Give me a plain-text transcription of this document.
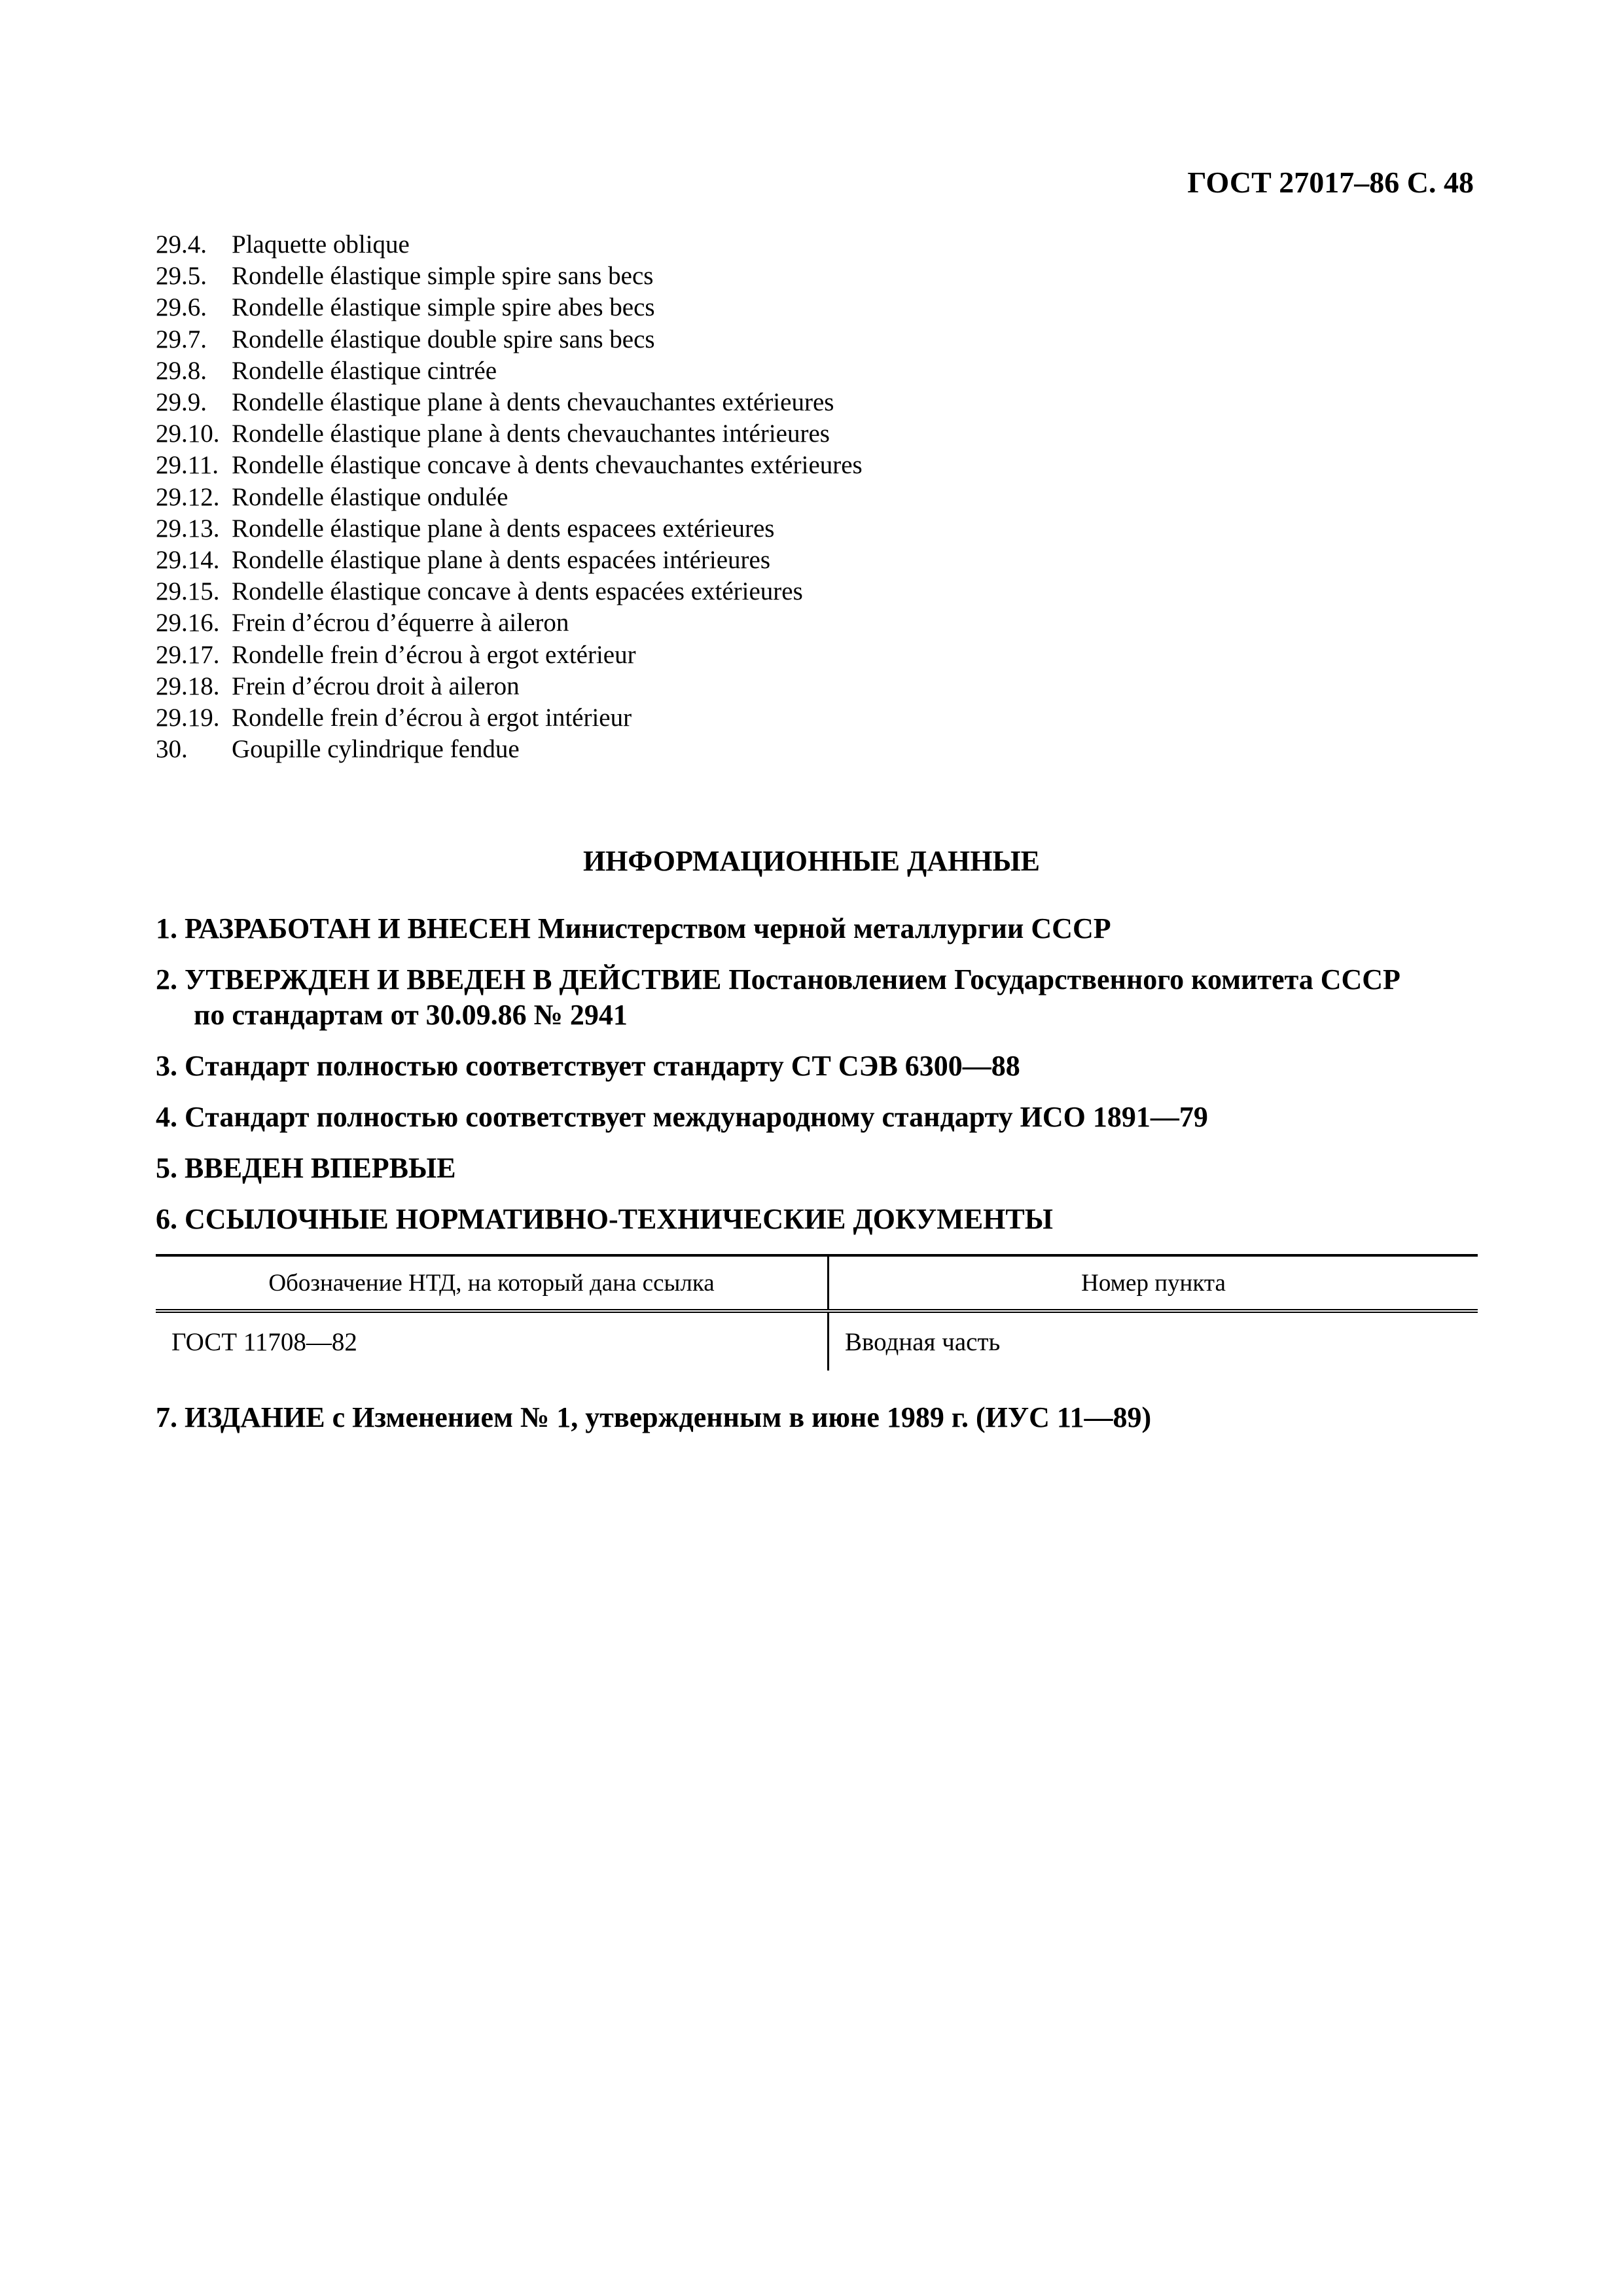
ГОСТ 27017–86 С. 48
29.4. Plaquette oblique
29.5. Rondelle élastique simple spire sans becs
29.6. Rondelle élastique simple spire abes becs
29.7. Rondelle élastique double spire sans becs
29.8. Rondelle élastique cintrée
29.9. Rondelle élastique plane à dents chevauchantes extérieures
29.10. Rondelle élastique plane à dents chevauchantes intérieures
29.11. Rondelle élastique concave à dents chevauchantes extérieures
29.12. Rondelle élastique ondulée
29.13. Rondelle élastique plane à dents espacees extérieures
29.14. Rondelle élastique plane à dents espacées intérieures
29.15. Rondelle élastique concave à dents espacées extérieures
29.16. Frein d’écrou d’équerre à aileron
29.17. Rondelle frein d’écrou à ergot extérieur
29.18. Frein d’écrou droit à aileron
29.19. Rondelle frein d’écrou à ergot intérieur
30.	Goupille cylindrique fendue
ИНФОРМАЦИОННЫЕ ДАННЫЕ
1. РАЗРАБОТАН И ВНЕСЕН Министерством черной металлургии СССР
2. УТВЕРЖДЕН И ВВЕДЕН В ДЕЙСТВИЕ Постановлением Государственного комитета СССР
по стандартам от 30.09.86 № 2941
3. Стандарт полностью соответствует стандарту СТ СЭВ 6300—88
4. Стандарт полностью соответствует международному стандарту ИСО 1891—79
5. ВВЕДЕН ВПЕРВЫЕ
6. ССЫЛОЧНЫЕ НОРМАТИВНО-ТЕХНИЧЕСКИЕ ДОКУМЕНТЫ
Обозначение НТД, на который дана ссылка	Номер пункта
ГОСТ 11708—82	Вводная часть
7. ИЗДАНИЕ с Изменением № 1, утвержденным в июне 1989 г. (ИУС 11—89)
